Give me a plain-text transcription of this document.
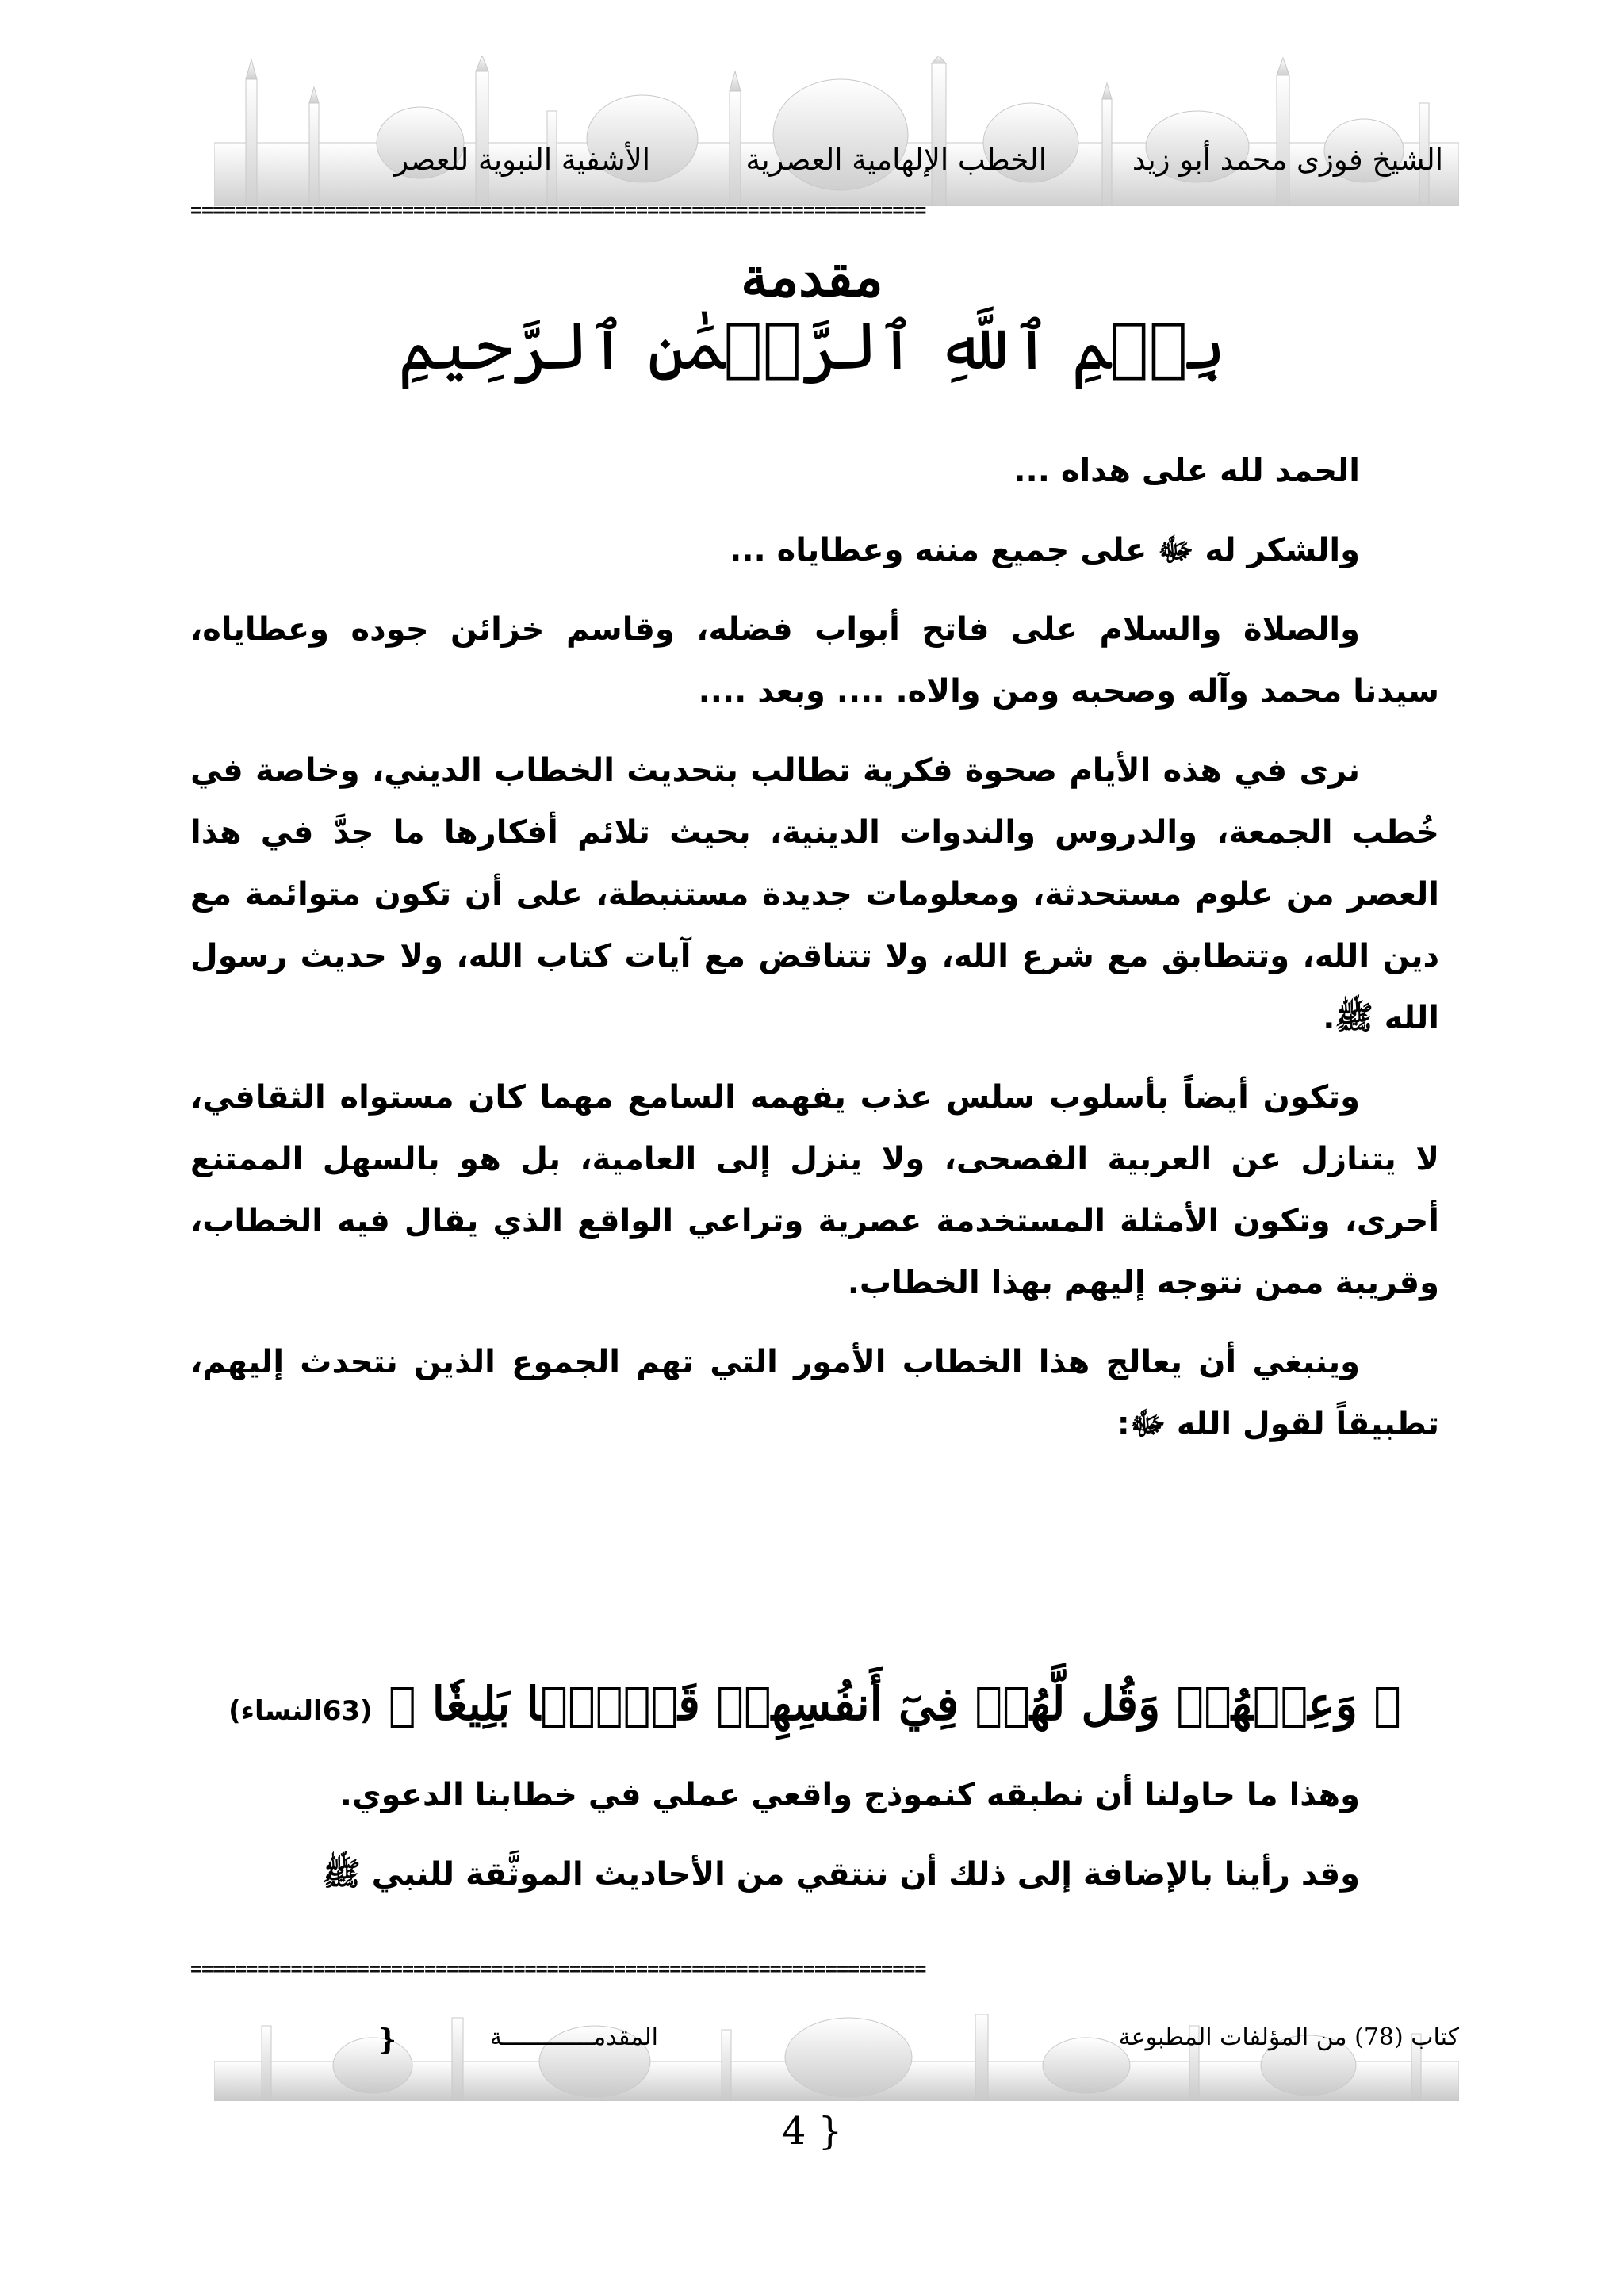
الشيخ فوزى محمد أبو زيد
الخطب الإلهامية العصرية
الأشفية النبوية للعصر
==================================================================
مقدمة
بِسۡمِ ٱللَّهِ ٱلرَّحۡمَٰنِ ٱلرَّحِيمِ

الحمد لله على هداه ...

والشكر له ﷻ على جميع مننه وعطاياه ...

والصلاة والسلام على فاتح أبواب فضله، وقاسم خزائن جوده وعطاياه، سيدنا محمد وآله وصحبه ومن والاه. .... وبعد ....

نرى في هذه الأيام صحوة فكرية تطالب بتحديث الخطاب الديني، وخاصة في خُطب الجمعة، والدروس والندوات الدينية، بحيث تلائم أفكارها ما جدَّ في هذا العصر من علوم مستحدثة، ومعلومات جديدة مستنبطة، على أن تكون متوائمة مع دين الله، وتتطابق مع شرع الله، ولا تتناقض مع آيات كتاب الله، ولا حديث رسول الله ﷺ.

وتكون أيضاً بأسلوب سلس عذب يفهمه السامع مهما كان مستواه الثقافي، لا يتنازل عن العربية الفصحى، ولا ينزل إلى العامية، بل هو بالسهل الممتنع أحرى، وتكون الأمثلة المستخدمة عصرية وتراعي الواقع الذي يقال فيه الخطاب، وقريبة ممن نتوجه إليهم بهذا الخطاب.

وينبغي أن يعالج هذا الخطاب الأمور التي تهم الجموع الذين نتحدث إليهم، تطبيقاً لقول الله ﷻ:

﴿ وَعِظۡهُمۡ وَقُل لَّهُمۡ فِيٓ أَنفُسِهِمۡ قَوۡلَۢا بَلِيغٗا ﴾ (63النساء)

وهذا ما حاولنا أن نطبقه كنموذج واقعي عملي في خطابنا الدعوي.

وقد رأينا بالإضافة إلى ذلك أن ننتقي من الأحاديث الموثَّقة للنبي ﷺ

==================================================================
كتاب (78) من المؤلفات المطبوعة
المقدمـــــــــــــة
{
4 }
